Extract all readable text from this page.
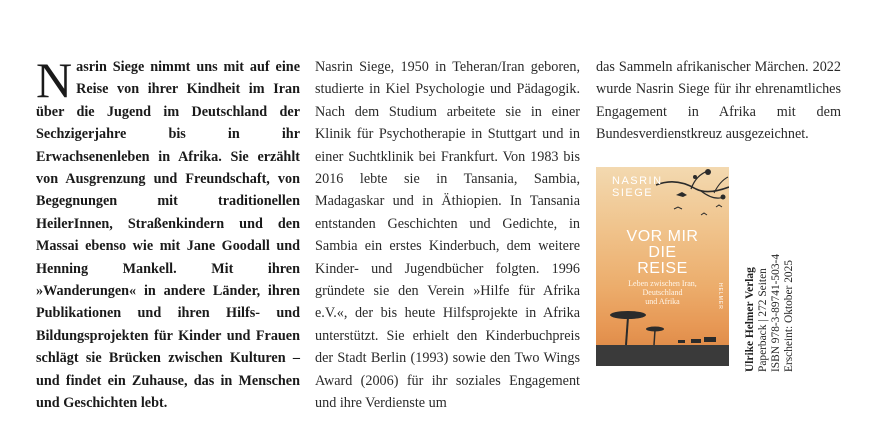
Nasrin Siege nimmt uns mit auf eine Reise von ihrer Kindheit im Iran über die Jugend im Deutschland der Sechzigerjahre bis in ihr Erwachsenenleben in Afrika. Sie erzählt von Ausgrenzung und Freundschaft, von Begegnungen mit traditionellen HeilerInnen, Straßenkindern und den Massai ebenso wie mit Jane Goodall und Henning Mankell. Mit ihren »Wanderungen« in andere Länder, ihren Publikationen und ihren Hilfs- und Bildungsprojekten für Kinder und Frauen schlägt sie Brücken zwischen Kulturen – und findet ein Zuhause, das in Menschen und Geschichten lebt.
Nasrin Siege, 1950 in Teheran/Iran geboren, studierte in Kiel Psychologie und Pädagogik. Nach dem Studium arbeitete sie in einer Klinik für Psychotherapie in Stuttgart und in einer Suchtklinik bei Frankfurt. Von 1983 bis 2016 lebte sie in Tansania, Sambia, Madagaskar und in Äthiopien. In Tansania entstanden Geschichten und Gedichte, in Sambia ein erstes Kinderbuch, dem weitere Kinder- und Jugendbücher folgten. 1996 gründete sie den Verein »Hilfe für Afrika e.V.«, der bis heute Hilfsprojekte in Afrika unterstützt. Sie erhielt den Kinderbuchpreis der Stadt Berlin (1993) sowie den Two Wings Award (2006) für ihr soziales Engagement und ihre Verdienste um
das Sammeln afrikanischer Märchen. 2022 wurde Nasrin Siege für ihr ehrenamtliches Engagement in Afrika mit dem Bundesverdienstkreuz ausgezeichnet.
NASRIN
SIEGE
VOR MIR
DIE
REISE
Leben zwischen Iran,
Deutschland
und Afrika	HELMER Ulrike Helmer Verlag Paperback | 272 Seiten ISBN 978-3-89741-503-4 Erscheint: Oktober 2025
